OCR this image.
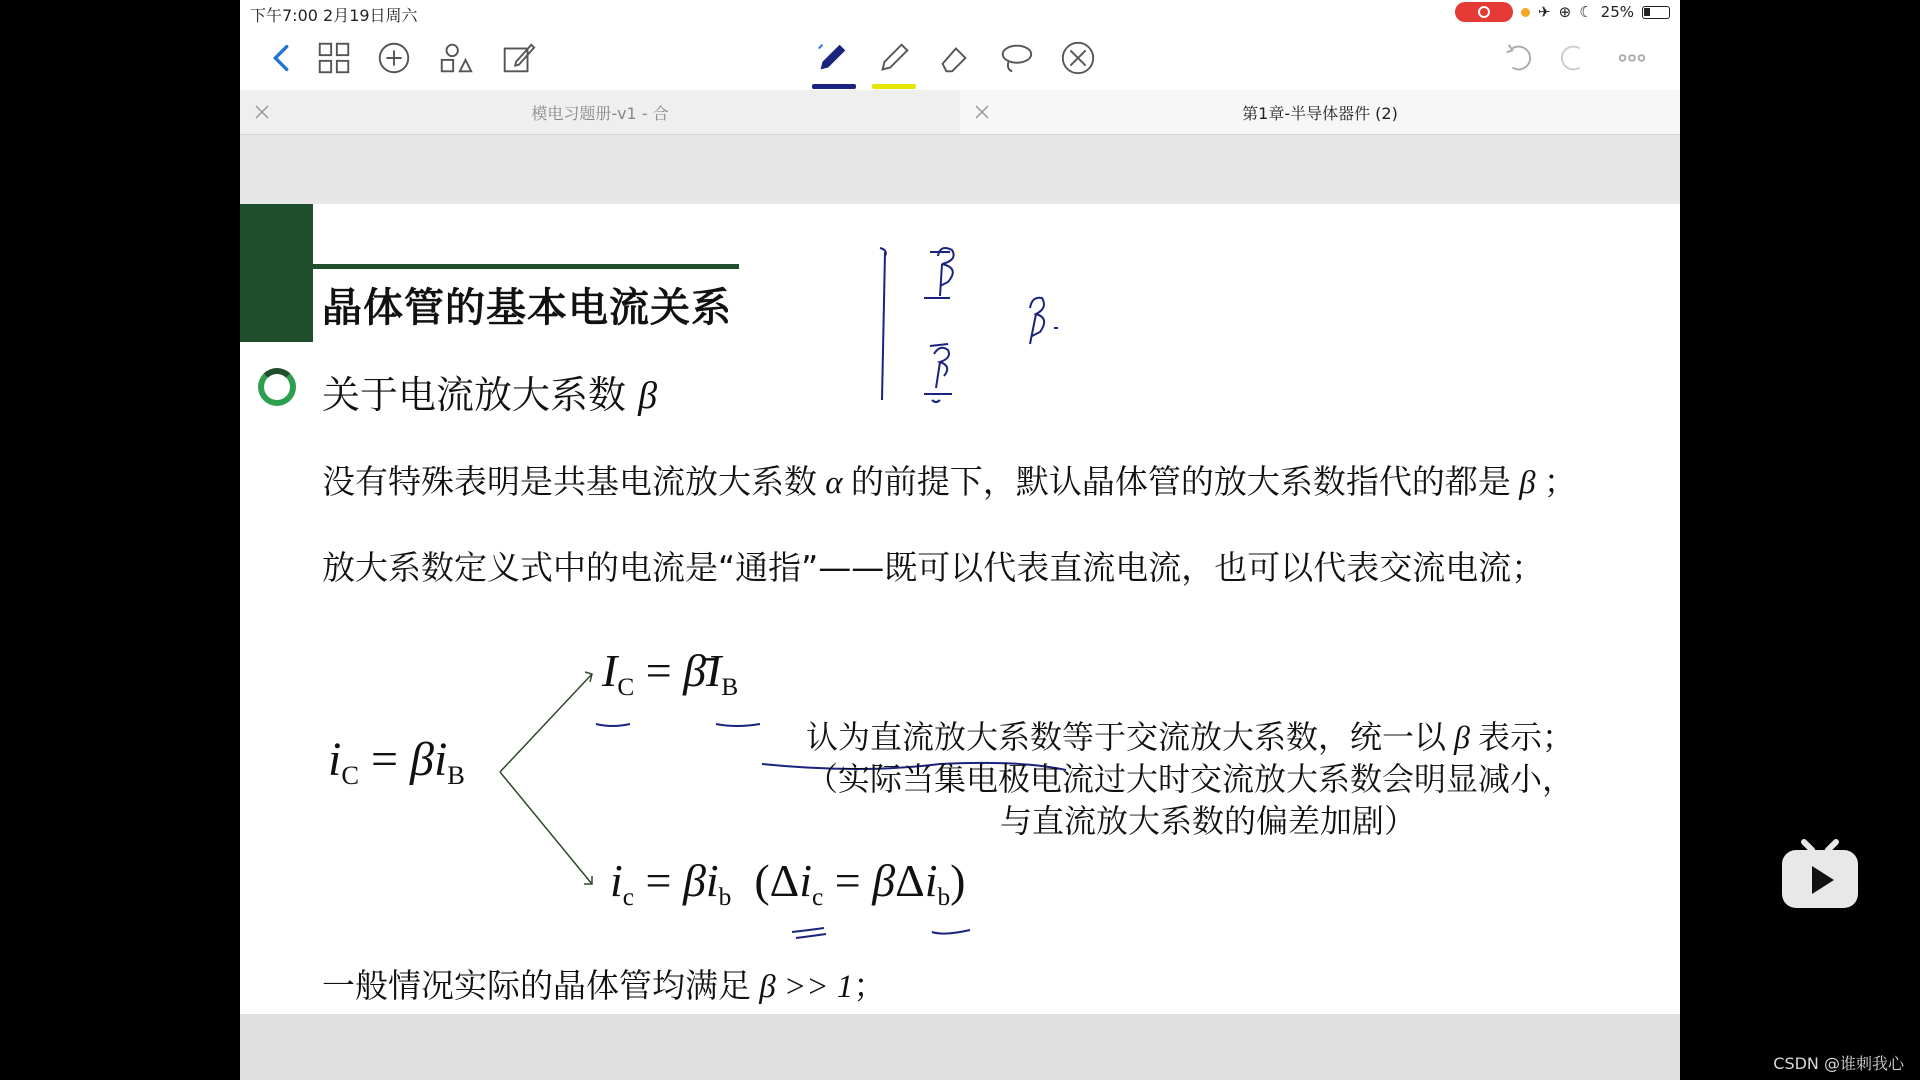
下午7:00 2月19日周六	✈ ⊕ ☾ 25%
模电习题册-v1 - 合	第1章-半导体器件 (2)
晶体管的基本电流关系
关于电流放大系数 β
没有特殊表明是共基电流放大系数 α 的前提下，默认晶体管的放大系数指代的都是 β ；
放大系数定义式中的电流是“通指”——既可以代表直流电流，也可以代表交流电流；
$i_C = \beta i_B$
$I_C$ = $\betāI_B$
$i_c = \beta i_b$  $(\Delta i_c = \beta\Delta i_b)$
认为直流放大系数等于交流放大系数，统一以 β 表示；
（实际当集电极电流过大时交流放大系数会明显减小，
与直流放大系数的偏差加剧）
一般情况实际的晶体管均满足 β >> 1；
CSDN @谁刺我心
